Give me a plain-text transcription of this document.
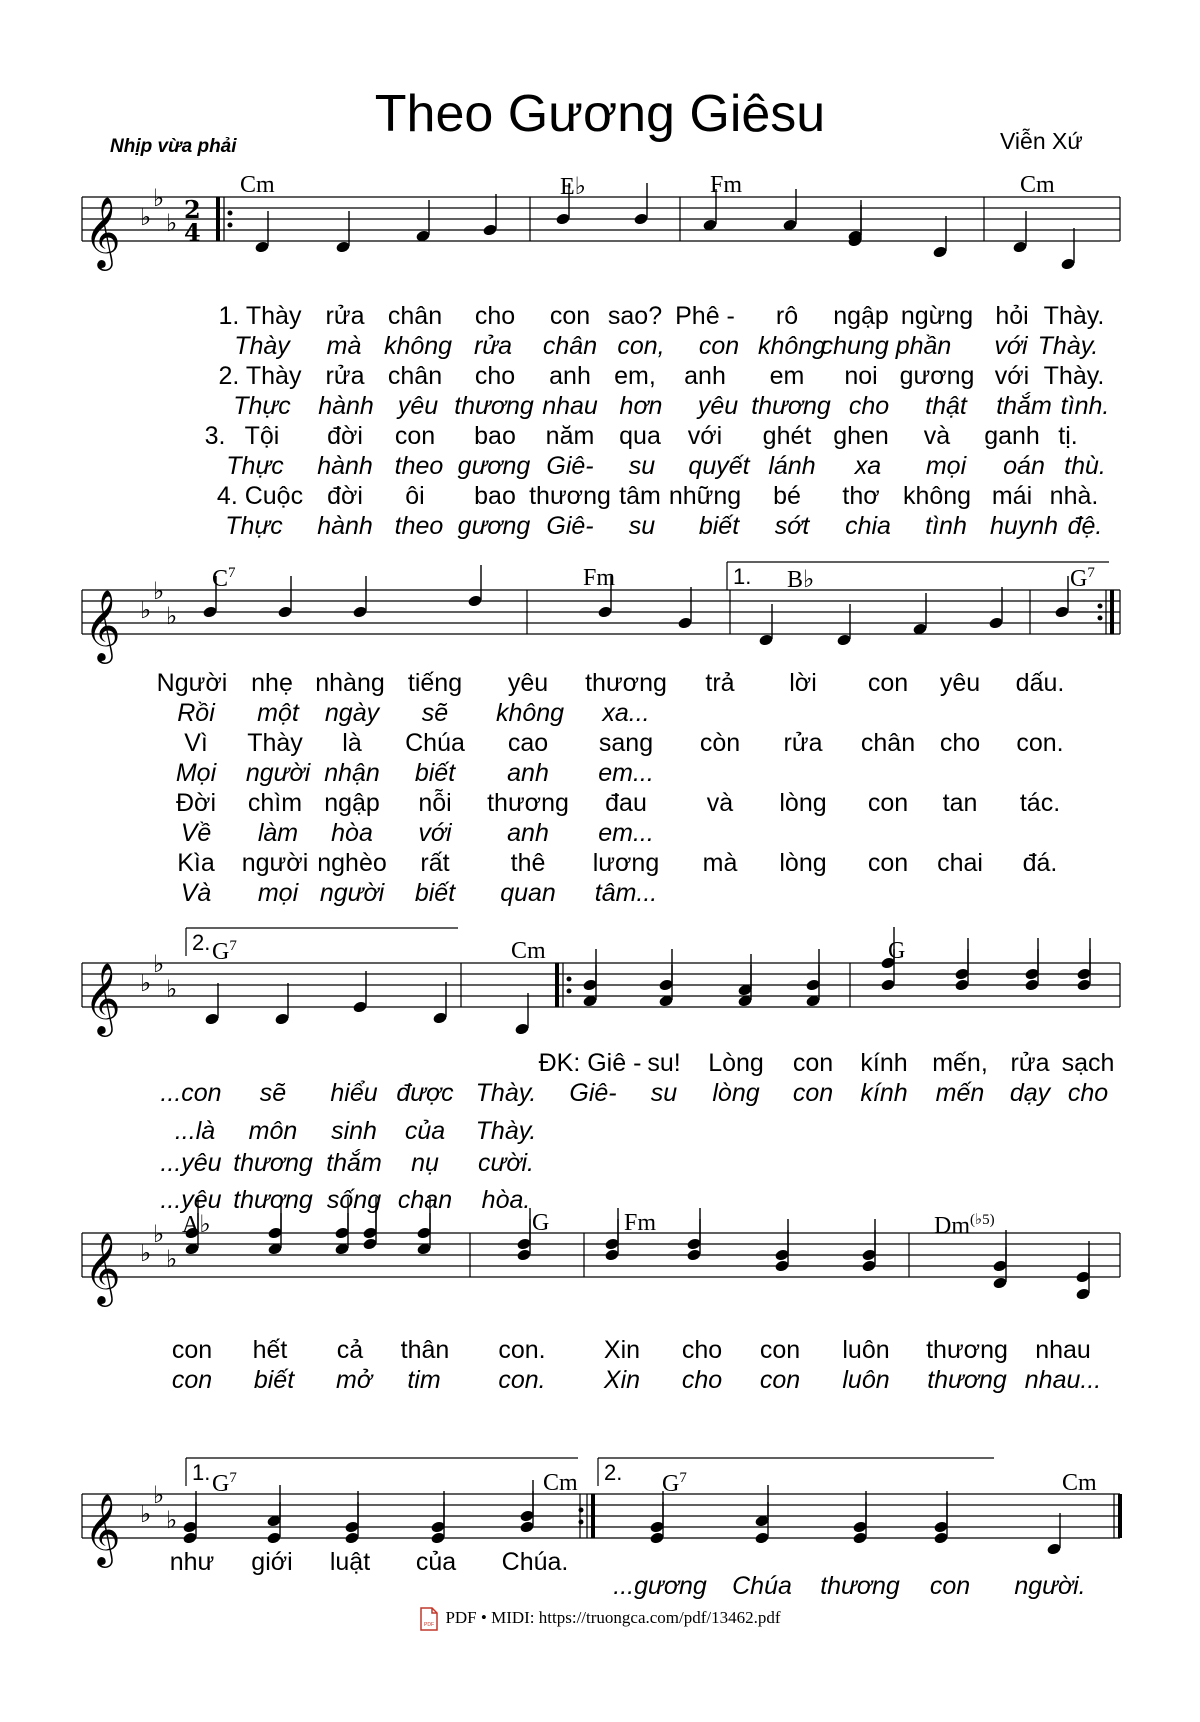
Theo Gương Giêsu
Nhịp vừa phải	Viễn Xứ
𝄞 ♭
♭
♭ 2
4
𝄞 ♭
♭
♭
1.
𝄞 ♭
♭
♭
2.
𝄞 ♭
♭
♭
𝄞 ♭
♭
♭
1.	2.
PDF PDF • MIDI: https://truongca.com/pdf/13462.pdf
Cm	E♭	Fm	Cm
1. Thày rửa chân cho con sao? Phê - rô ngập ngừng hỏi Thày.
Thày mà không rửa chân con, con không
chung phần với Thày.
2. Thày rửa chân cho anh em, anh em noi gương với Thày.
Thực hành yêu thương nhau hơn yêu thương cho thật thắm tình.
3. Tội đời con bao năm qua với ghét ghen và ganh tị.
Thực hành theo gương Giê- su quyết lánh xa mọi oán thù.
4. Cuộc đời ôi bao thương tâm những bé thơ không mái nhà.
Thực hành theo gương Giê- su biết sớt chia tình huynh đệ.
$C^7$	Fm	B♭	$G^7$
Người nhẹ nhàng tiếng yêu thương trả lời con yêu dấu.
Rồi một ngày sẽ không xa...
Vì Thày là Chúa cao sang còn rửa chân cho con.
Mọi người nhận biết anh em...
Đời chìm ngập nỗi thương đau và lòng con tan tác.
Về làm hòa với anh em...
Kìa người nghèo rất thê lương mà lòng con chai đá.
Và mọi người biết quan tâm...
$G^7$	Cm	G
ĐK: Giê - su! Lòng con kính mến, rửa sạch
...con sẽ hiểu được Thày. Giê- su lòng con kính mến dạy cho
...là môn sinh của Thày.
...yêu thương thắm nụ cười.
...yêu thương sống chan hòa.
A♭	G	Fm	$Dm^{(♭5)}$
con hết cả thân con. Xin cho con luôn thương nhau
con biết mở tim con. Xin cho con luôn thương nhau...
$G^7$	Cm	$G^7$	Cm
như giới luật của Chúa.
...gương Chúa thương con người.
